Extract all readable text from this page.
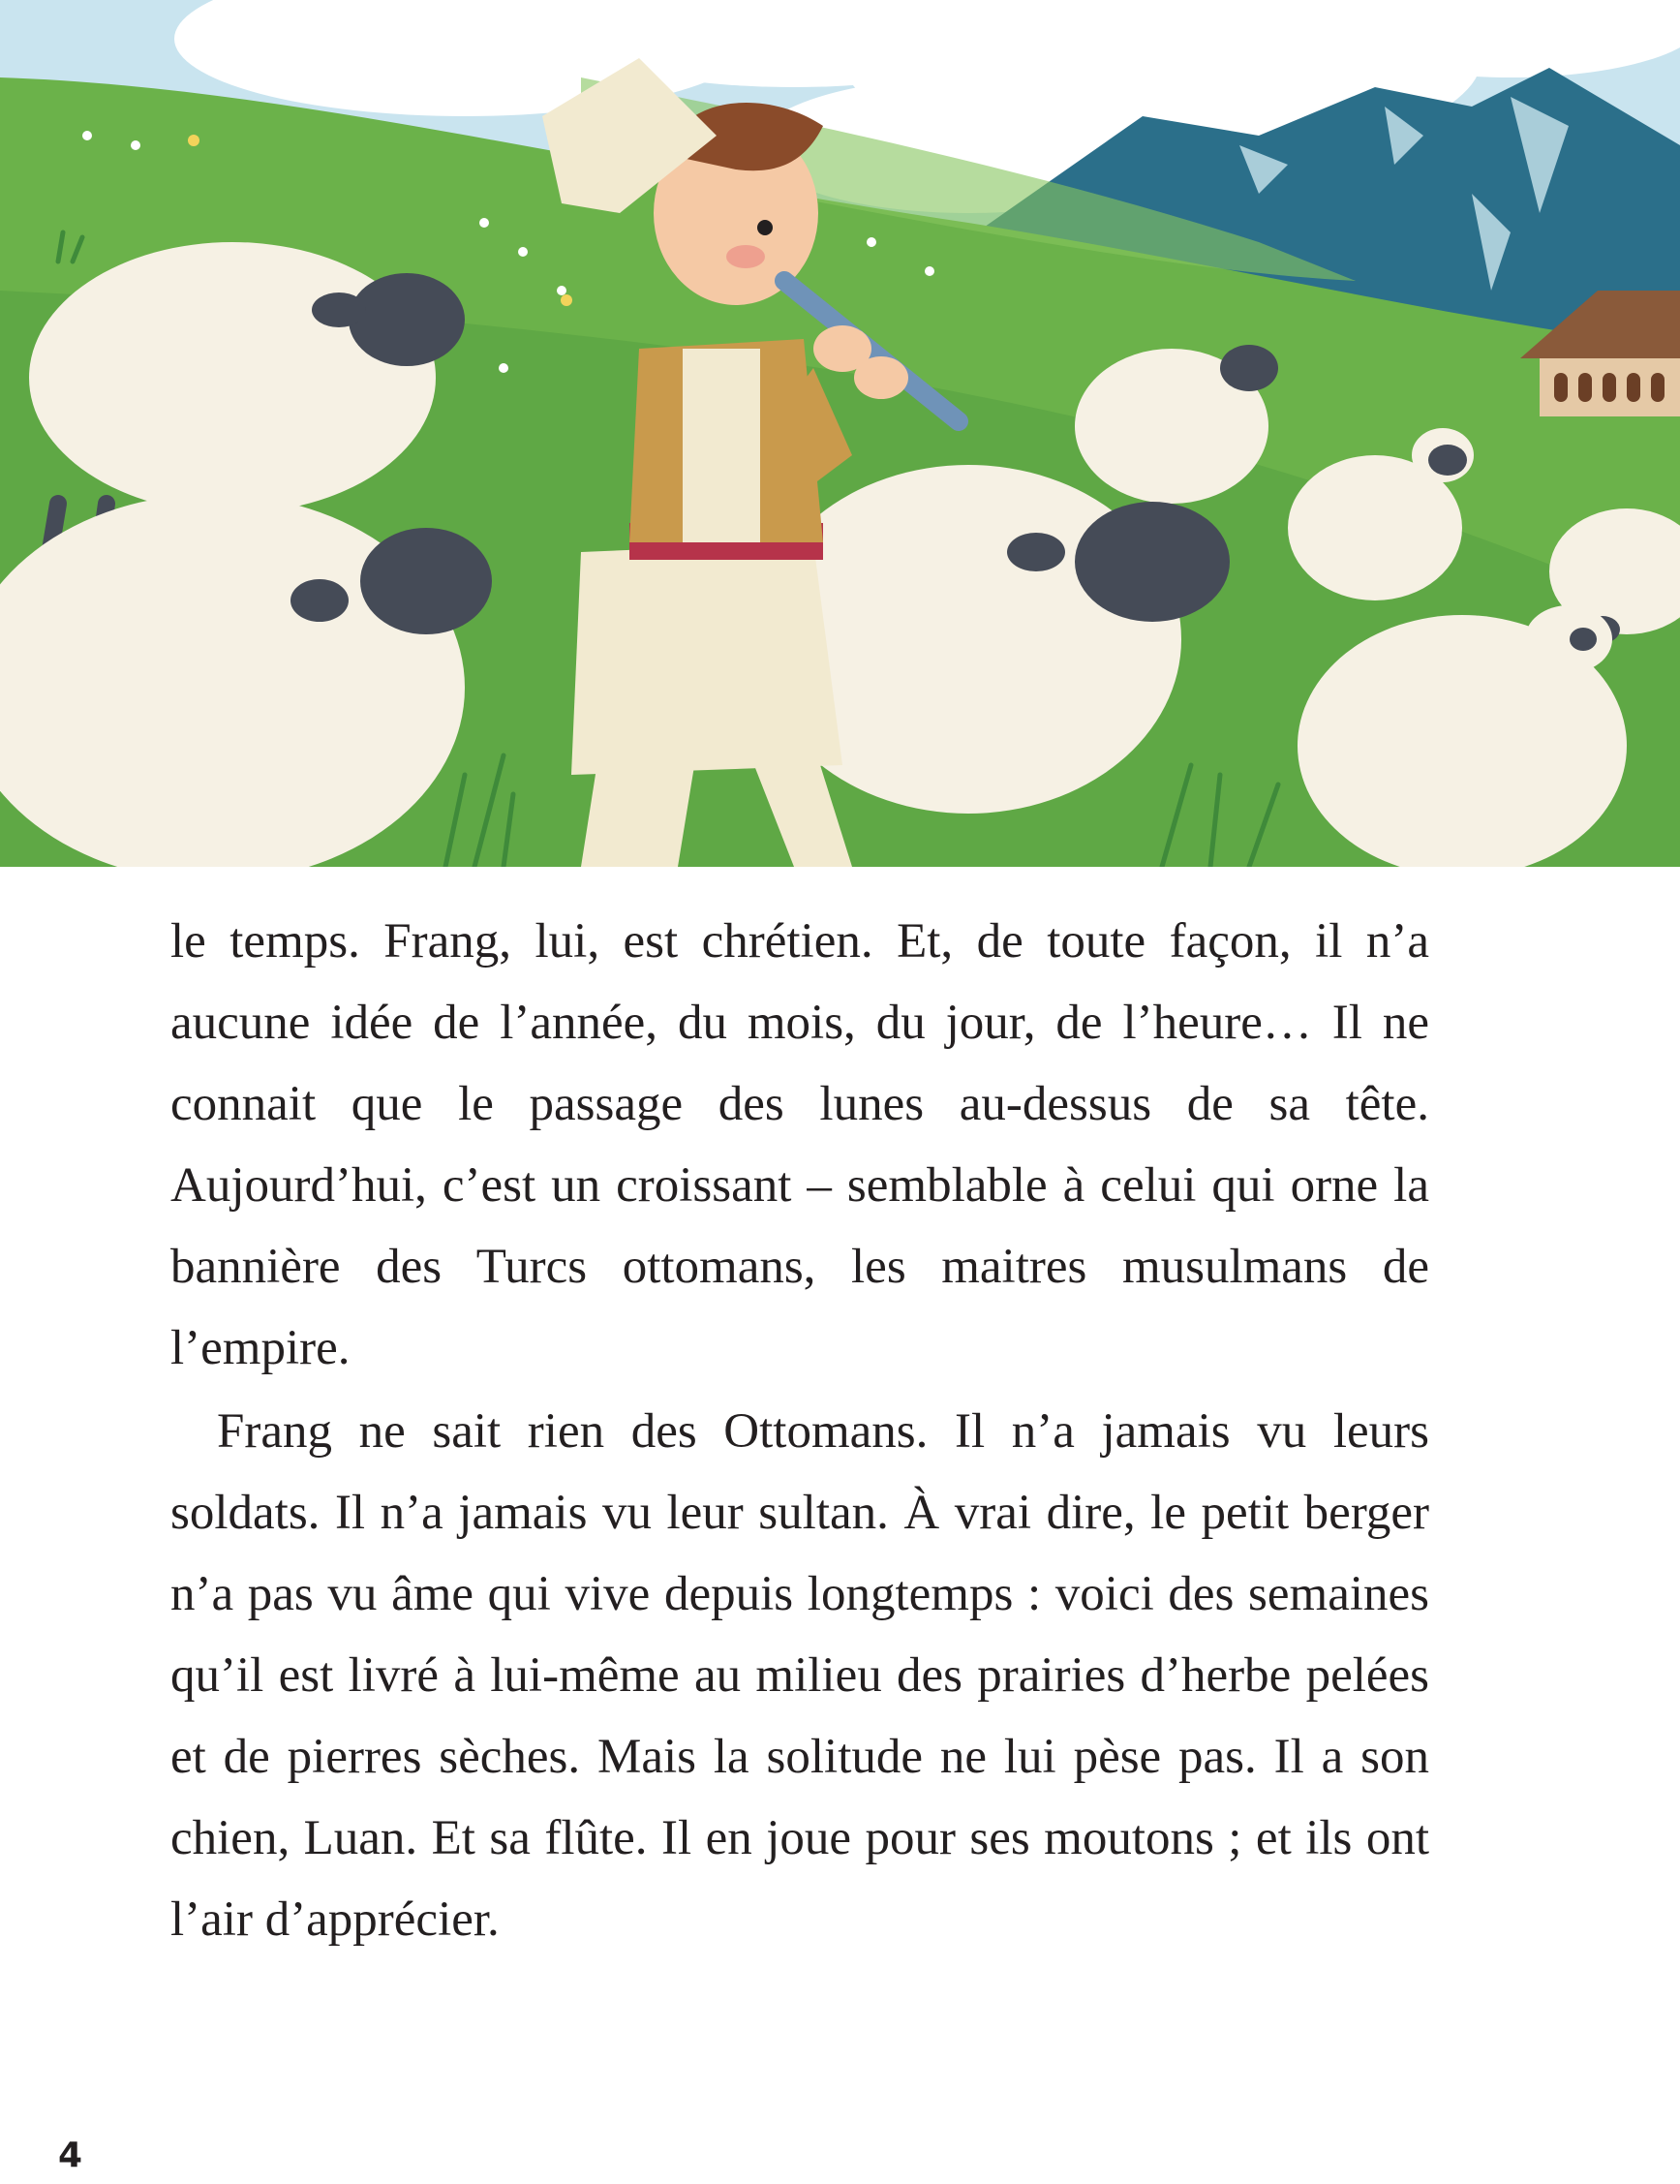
le temps. Frang, lui, est chrétien. Et, de toute façon, il n’a aucune idée de l’année, du mois, du jour, de l’heure… Il ne connait que le passage des lunes au-dessus de sa tête. Aujourd’hui, c’est un croissant – semblable à celui qui orne la bannière des Turcs ottomans, les maitres musulmans de l’empire.

Frang ne sait rien des Ottomans. Il n’a jamais vu leurs soldats. Il n’a jamais vu leur sultan. À vrai dire, le petit berger n’a pas vu âme qui vive depuis longtemps : voici des semaines qu’il est livré à lui-même au milieu des prairies d’herbe pelées et de pierres sèches. Mais la solitude ne lui pèse pas. Il a son chien, Luan. Et sa flûte. Il en joue pour ses moutons ; et ils ont l’air d’apprécier.

4
